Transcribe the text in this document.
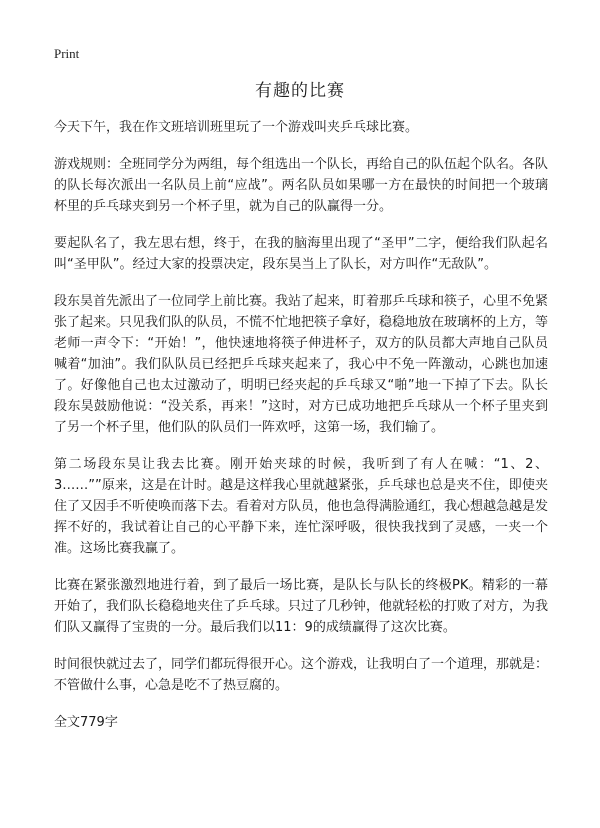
Print
有趣的比赛

今天下午，我在作文班培训班里玩了一个游戏叫夹乒乓球比赛。

游戏规则：全班同学分为两组，每个组选出一个队长，再给自己的队伍起个队名。各队的队长每次派出一名队员上前“应战”。两名队员如果哪一方在最快的时间把一个玻璃杯里的乒乓球夹到另一个杯子里，就为自己的队赢得一分。

要起队名了，我左思右想，终于，在我的脑海里出现了“圣甲”二字，便给我们队起名叫“圣甲队”。经过大家的投票决定，段东昊当上了队长，对方叫作“无敌队”。

段东昊首先派出了一位同学上前比赛。我站了起来，盯着那乒乓球和筷子，心里不免紧张了起来。只见我们队的队员，不慌不忙地把筷子拿好，稳稳地放在玻璃杯的上方，等老师一声令下：“开始！”，他快速地将筷子伸进杯子，双方的队员都大声地自己队员喊着“加油”。我们队队员已经把乒乓球夹起来了，我心中不免一阵激动，心跳也加速了。好像他自己也太过激动了，明明已经夹起的乒乓球又“啪”地一下掉了下去。队长段东昊鼓励他说：“没关系，再来！”这时，对方已成功地把乒乓球从一个杯子里夹到了另一个杯子里，他们队的队员们一阵欢呼，这第一场，我们输了。

第二场段东昊让我去比赛。刚开始夹球的时候，我听到了有人在喊：“1、2、3……””原来，这是在计时。越是这样我心里就越紧张，乒乓球也总是夹不住，即使夹住了又因手不听使唤而落下去。看着对方队员，他也急得满脸通红，我心想越急越是发挥不好的，我试着让自己的心平静下来，连忙深呼吸，很快我找到了灵感，一夹一个准。这场比赛我赢了。

比赛在紧张激烈地进行着，到了最后一场比赛，是队长与队长的终极PK。精彩的一幕开始了，我们队长稳稳地夹住了乒乓球。只过了几秒钟，他就轻松的打败了对方，为我们队又赢得了宝贵的一分。最后我们以11：9的成绩赢得了这次比赛。

时间很快就过去了，同学们都玩得很开心。这个游戏，让我明白了一个道理，那就是：不管做什么事，心急是吃不了热豆腐的。

全文779字
